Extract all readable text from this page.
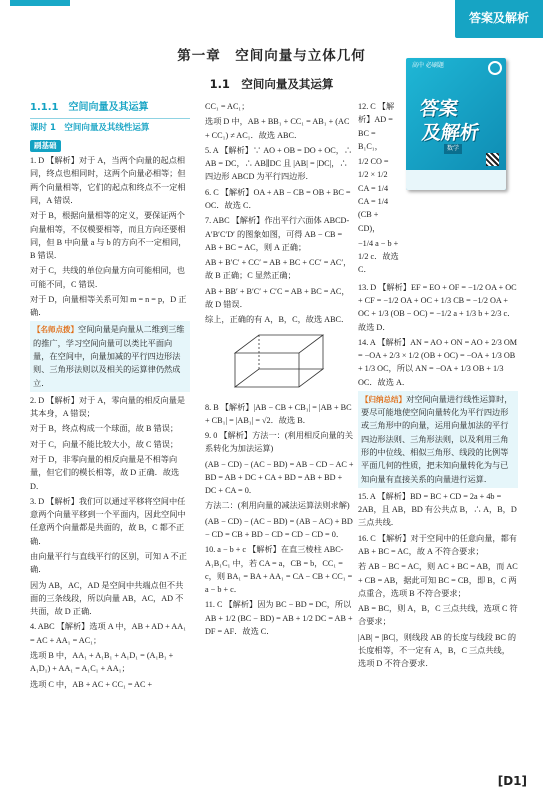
答案及解析
第一章　空间向量与立体几何
1.1　空间向量及其运算
高中 必刷题
答案
及解析
数学
1.1.1　空间向量及其运算
课时 1　空间向量及其线性运算
刷基础
1. D 【解析】对于 A，当两个向量的起点相同，终点也相同时，这两个向量必相等；但两个向量相等，它们的起点和终点不一定相同，A 错误．
对于 B，根据向量相等的定义，要保证两个向量相等，不仅模要相等，而且方向还要相同，但 B 中向量 a 与 b 的方向不一定相同，B 错误．
对于 C，共线的单位向量方向可能相同，也可能不同，C 错误．
对于 D，向量相等关系可知 m = n = p，D 正确．
【名师点拨】空间向量是向量从二维到三维的推广，学习空间向量可以类比平面向量，在空间中，向量加减的平行四边形法则、三角形法则以及相关的运算律仍然成立．
2. D 【解析】对于 A，零向量的相反向量是其本身，A 错误；
对于 B，终点构成一个球面，故 B 错误；
对于 C，向量不能比较大小，故 C 错误；
对于 D，非零向量的相反向量是不相等向量，但它们的模长相等，故 D 正确．故选 D．
3. D 【解析】我们可以通过平移将空间中任意两个向量平移到一个平面内，因此空间中任意两个向量都是共面的，故 B，C 都不正确．
由向量平行与直线平行的区别，可知 A 不正确．
因为 AB，AC，AD 是空间中共端点但不共面的三条线段，所以向量 AB，AC，AD 不共面，故 D 正确．
4. ABC 【解析】选项 A 中，AB + AD + AA₁ = AC + AA₁ = AC₁；
选项 B 中，AA₁ + A₁B₁ + A₁D₁ = (A₁B₁ + A₁D₁) + AA₁ = A₁C₁ + AA₁；
选项 C 中，AB + AC + CC₁ = AC +
CC₁ = AC₁；
选项 D 中，AB + BB₁ + CC₁ = AB₁ + (AC + CC₁) ≠ AC₁．故选 ABC．
5. A 【解析】∵ AO + OB = DO + OC，∴ AB = DC，∴ AB∥DC 且 |AB| = |DC|，∴ 四边形 ABCD 为平行四边形．
6. C 【解析】OA + AB − CB = OB + BC = OC．故选 C．
7. ABC 【解析】作出平行六面体 ABCD-A′B′C′D′ 的图象如图，可得 AB − CB = AB + BC = AC，则 A 正确；
AB + B′C′ + CC′ = AB + BC + CC′ = AC′，故 B 正确；C 显然正确；
AB + BB′ + B′C′ + C′C = AB + BC = AC，故 D 错误．
综上，正确的有 A，B，C，故选 ABC．
8. B 【解析】|AB − CB + CB₁| = |AB + BC + CB₁| = |AB₁| = √2．故选 B．
9. 0 【解析】方法一：(利用相反向量的关系转化为加法运算)
(AB − CD) − (AC − BD) = AB − CD − AC + BD = AB + DC + CA + BD = AB + BD + DC + CA = 0．
方法二：(利用向量的减法运算法则求解)
(AB − CD) − (AC − BD) = (AB − AC) + BD − CD = CB + BD − CD = CD − CD = 0．
10. a − b + c 【解析】在直三棱柱 ABC-A₁B₁C₁ 中，若 CA = a，CB = b，CC₁ = c，则 BA₁ = BA + AA₁ = CA − CB + CC₁ = a − b + c．
11. C 【解析】因为 BC − BD = DC，所以 AB + 1/2 (BC − BD) = AB + 1/2 DC = AB + DF = AF．故选 C．
12. C 【解析】AD = BC = B₁C₁，
1/2 CO = 1/2 × 1/2 CA = 1/4 CA = 1/4 (CB + CD)，
−1/4 a − b + 1/2 c．故选 C．
13. D 【解析】EF = EO + OF = −1/2 OA + OC + CF = −1/2 OA + OC + 1/3 CB = −1/2 OA + OC + 1/3 (OB − OC) = −1/2 a + 1/3 b + 2/3 c．故选 D．
14. A 【解析】AN = AO + ON = AO + 2/3 OM = −OA + 2/3 × 1/2 (OB + OC) = −OA + 1/3 OB + 1/3 OC，所以 AN = −OA + 1/3 OB + 1/3 OC．故选 A．
【归纳总结】对空间向量进行线性运算时，要尽可能地使空间向量转化为平行四边形或三角形中的向量，运用向量加法的平行四边形法则、三角形法则，以及利用三角形的中位线、相似三角形、线段的比例等平面几何的性质，把未知向量转化为与已知向量有直接关系的向量进行运算．
15. A 【解析】BD = BC + CD = 2a + 4b = 2AB，且 AB，BD 有公共点 B，∴ A，B，D 三点共线．
16. C 【解析】对于空间中的任意向量，都有 AB + BC = AC，故 A 不符合要求；
若 AB − BC = AC，则 AC + BC = AB，而 AC + CB = AB，据此可知 BC = CB，即 B，C 两点重合，选项 B 不符合要求；
AB = BC，则 A，B，C 三点共线，选项 C 符合要求；
|AB| = |BC|，则线段 AB 的长度与线段 BC 的长度相等，不一定有 A，B，C 三点共线，选项 D 不符合要求．
[D1]
